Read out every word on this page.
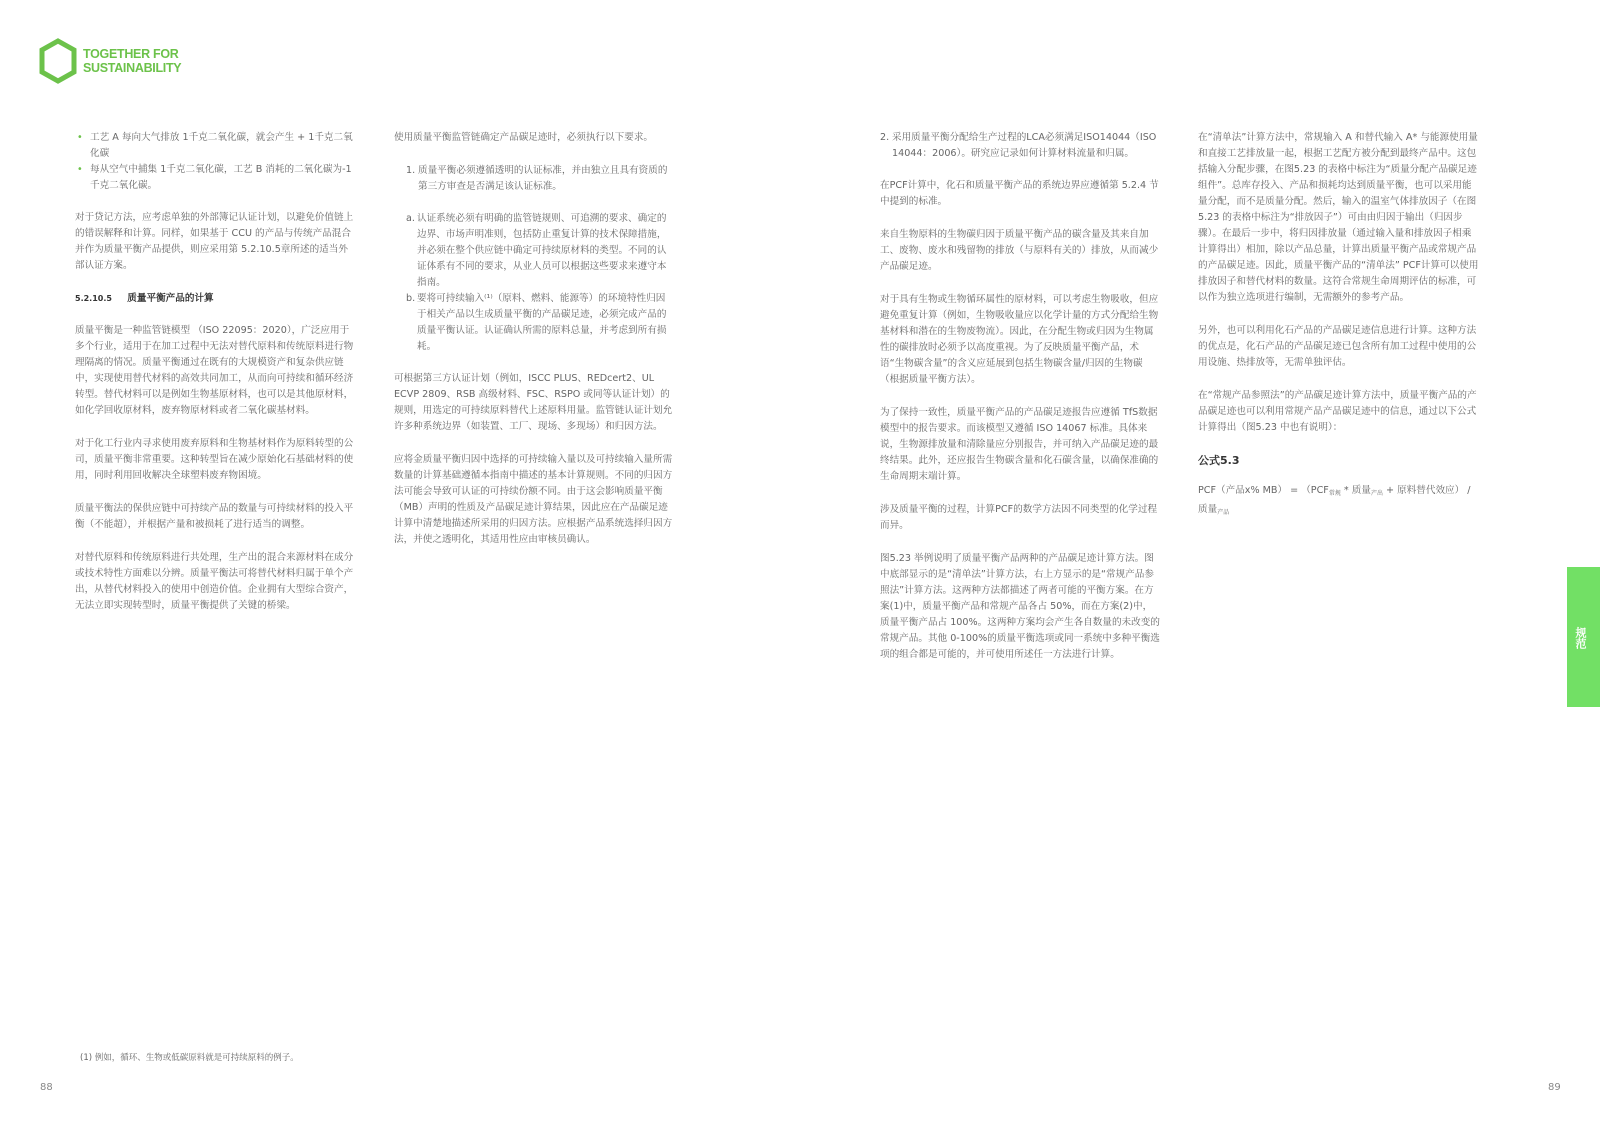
TOGETHER FOR
SUSTAINABILITY
• 工艺 A 每向大气排放 1千克二氧化碳，就会产生 + 1千克二氧化碳
• 每从空气中捕集 1千克二氧化碳，工艺 B 消耗的二氧化碳为-1千克二氧化碳。

对于贷记方法，应考虑单独的外部簿记认证计划，以避免价值链上的错误解释和计算。同样，如果基于 CCU 的产品与传统产品混合并作为质量平衡产品提供，则应采用第 5.2.10.5章所述的适当外部认证方案。

5.2.10.5 质量平衡产品的计算

质量平衡是一种监管链模型 （ISO 22095：2020），广泛应用于多个行业，适用于在加工过程中无法对替代原料和传统原料进行物理隔离的情况。质量平衡通过在既有的大规模资产和复杂供应链中，实现使用替代材料的高效共同加工，从而向可持续和循环经济转型。替代材料可以是例如生物基原材料，也可以是其他原材料，如化学回收原材料，废弃物原材料或者二氧化碳基材料。

对于化工行业内寻求使用废弃原料和生物基材料作为原料转型的公司，质量平衡非常重要。这种转型旨在减少原始化石基础材料的使用，同时利用回收解决全球塑料废弃物困境。

质量平衡法的保供应链中可持续产品的数量与可持续材料的投入平衡（不能超），并根据产量和被损耗了进行适当的调整。

对替代原料和传统原料进行共处理，生产出的混合来源材料在成分或技术特性方面难以分辨。质量平衡法可将替代材料归属于单个产出，从替代材料投入的使用中创造价值。企业拥有大型综合资产，无法立即实现转型时，质量平衡提供了关键的桥梁。

使用质量平衡监管链确定产品碳足迹时，必须执行以下要求。

1. 质量平衡必须遵循透明的认证标准，并由独立且具有资质的第三方审查是否满足该认证标准。
a. 认证系统必须有明确的监管链规则、可追溯的要求、确定的边界、市场声明准则，包括防止重复计算的技术保障措施，并必须在整个供应链中确定可持续原材料的类型。不同的认证体系有不同的要求，从业人员可以根据这些要求来遵守本指南。
b. 要将可持续输入⁽¹⁾（原料、燃料、能源等）的环境特性归因于相关产品以生成质量平衡的产品碳足迹，必须完成产品的质量平衡认证。认证确认所需的原料总量，并考虑到所有损耗。

可根据第三方认证计划（例如，ISCC PLUS、REDcert2、UL ECVP 2809、RSB 高级材料、FSC、RSPO 或同等认证计划）的规则，用选定的可持续原料替代上述原料用量。监管链认证计划允许多种系统边界（如装置、工厂、现场、多现场）和归因方法。

应将金质量平衡归因中选择的可持续输入量以及可持续输入量所需数量的计算基础遵循本指南中描述的基本计算规则。不同的归因方法可能会导致可认证的可持续份额不同。由于这会影响质量平衡（MB）声明的性质及产品碳足迹计算结果，因此应在产品碳足迹计算中清楚地描述所采用的归因方法。应根据产品系统选择归因方法，并使之透明化，其适用性应由审核员确认。

2. 采用质量平衡分配给生产过程的LCA必须满足ISO14044（ISO 14044：2006）。研究应记录如何计算材料流量和归属。

在PCF计算中，化石和质量平衡产品的系统边界应遵循第 5.2.4 节中提到的标准。

来自生物原料的生物碳归因于质量平衡产品的碳含量及其来自加工、废物、废水和残留物的排放（与原料有关的）排放，从而减少产品碳足迹。

对于具有生物或生物循环属性的原材料，可以考虑生物吸收，但应避免重复计算（例如，生物吸收量应以化学计量的方式分配给生物基材料和潜在的生物废物流）。因此，在分配生物或归因为生物属性的碳排放时必须予以高度重视。为了反映质量平衡产品，术语“生物碳含量”的含义应延展到包括生物碳含量/归因的生物碳（根据质量平衡方法）。

为了保持一致性，质量平衡产品的产品碳足迹报告应遵循 TfS数据模型中的报告要求。而该模型又遵循 ISO 14067 标准。具体来说，生物源排放量和清除量应分别报告，并可纳入产品碳足迹的最终结果。此外，还应报告生物碳含量和化石碳含量，以确保准确的生命周期末端计算。

涉及质量平衡的过程，计算PCF的数学方法因不同类型的化学过程而异。

图5.23 举例说明了质量平衡产品两种的产品碳足迹计算方法。图中底部显示的是“清单法”计算方法，右上方显示的是“常规产品参照法”计算方法。这两种方法都描述了两者可能的平衡方案。在方案(1)中，质量平衡产品和常规产品各占 50%，而在方案(2)中，质量平衡产品占 100%。这两种方案均会产生各自数量的未改变的常规产品。其他 0-100%的质量平衡选项或同一系统中多种平衡选项的组合都是可能的，并可使用所述任一方法进行计算。

在“清单法”计算方法中，常规输入 A 和替代输入 A* 与能源使用量和直接工艺排放量一起，根据工艺配方被分配到最终产品中。这包括输入分配步骤，在图5.23 的表格中标注为“质量分配产品碳足迹组件”。总库存投入、产品和损耗均达到质量平衡，也可以采用能量分配，而不是质量分配。然后，输入的温室气体排放因子（在图5.23 的表格中标注为“排放因子”）可由由归因于输出（归因步骤）。在最后一步中，将归因排放量（通过输入量和排放因子相乘计算得出）相加，除以产品总量，计算出质量平衡产品或常规产品的产品碳足迹。因此，质量平衡产品的“清单法” PCF计算可以使用排放因子和替代材料的数量。这符合常规生命周期评估的标准，可以作为独立选项进行编制，无需额外的参考产品。

另外，也可以利用化石产品的产品碳足迹信息进行计算。这种方法的优点是，化石产品的产品碳足迹已包含所有加工过程中使用的公用设施、热排放等，无需单独评估。

在“常规产品参照法”的产品碳足迹计算方法中，质量平衡产品的产品碳足迹也可以利用常规产品产品碳足迹中的信息，通过以下公式计算得出（图5.23 中也有说明）：

公式5.3

PCF（产品x% $MB) = (PCF_{常规}$ * 质量$_{产出}$ + 原料替代效应） / 质量$_{产品}$

(1) 例如，循环、生物或低碳原料就是可持续原料的例子。
88	89
规范
